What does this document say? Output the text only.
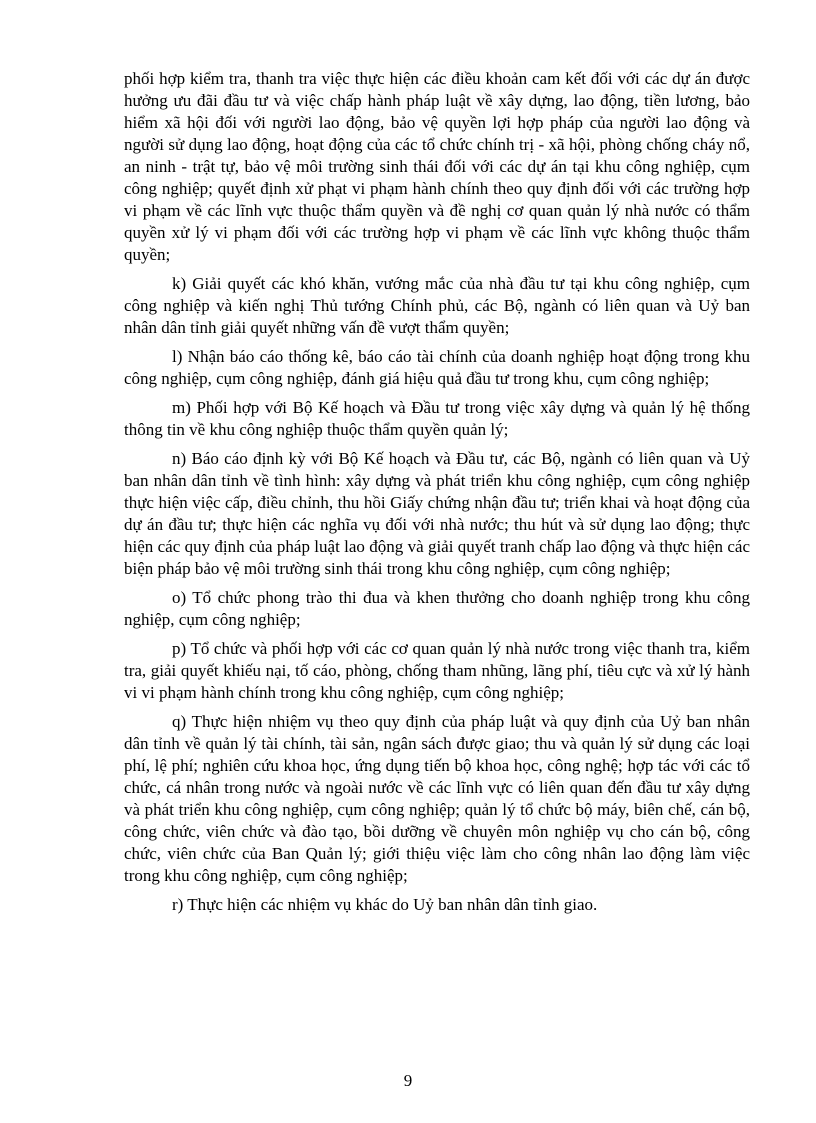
phối hợp kiểm tra, thanh tra việc thực hiện các điều khoản cam kết đối với các dự án được hưởng ưu đãi đầu tư và việc chấp hành pháp luật về xây dựng, lao động, tiền lương, bảo hiểm xã hội đối với người lao động, bảo vệ quyền lợi hợp pháp của người lao động và người sử dụng lao động, hoạt động của các tổ chức chính trị - xã hội, phòng chống cháy nổ, an ninh - trật tự, bảo vệ môi trường sinh thái đối với các dự án tại khu công nghiệp, cụm công nghiệp; quyết định xử phạt vi phạm hành chính theo quy định đối với các trường hợp vi phạm về các lĩnh vực thuộc thẩm quyền và đề nghị cơ quan quản lý nhà nước có thẩm quyền xử lý vi phạm đối với các trường hợp vi phạm về các lĩnh vực không thuộc thẩm quyền;

k) Giải quyết các khó khăn, vướng mắc của nhà đầu tư tại khu công nghiệp, cụm công nghiệp và kiến nghị Thủ tướng Chính phủ, các Bộ, ngành có liên quan và Uỷ ban nhân dân tỉnh giải quyết những vấn đề vượt thẩm quyền;

l) Nhận báo cáo thống kê, báo cáo tài chính của doanh nghiệp hoạt động trong khu công nghiệp, cụm công nghiệp, đánh giá hiệu quả đầu tư trong khu, cụm công nghiệp;

m) Phối hợp với Bộ Kế hoạch và Đầu tư trong việc xây dựng và quản lý hệ thống thông tin về khu công nghiệp thuộc thẩm quyền quản lý;

n) Báo cáo định kỳ với Bộ Kế hoạch và Đầu tư, các Bộ, ngành có liên quan và Uỷ ban nhân dân tỉnh về tình hình: xây dựng và phát triển khu công nghiệp, cụm công nghiệp thực hiện việc cấp, điều chỉnh, thu hồi Giấy chứng nhận đầu tư; triển khai và hoạt động của dự án đầu tư; thực hiện các nghĩa vụ đối với nhà nước; thu hút và sử dụng lao động; thực hiện các quy định của pháp luật lao động và giải quyết tranh chấp lao động và thực hiện các biện pháp bảo vệ môi trường sinh thái trong khu công nghiệp, cụm công nghiệp;

o) Tổ chức phong trào thi đua và khen thưởng cho doanh nghiệp trong khu công nghiệp, cụm công nghiệp;

p) Tổ chức và phối hợp với các cơ quan quản lý nhà nước trong việc thanh tra, kiểm tra, giải quyết khiếu nại, tố cáo, phòng, chống tham nhũng, lãng phí, tiêu cực và xử lý hành vi vi phạm hành chính trong khu công nghiệp, cụm công nghiệp;

q) Thực hiện nhiệm vụ theo quy định của pháp luật và quy định của Uỷ ban nhân dân tỉnh về quản lý tài chính, tài sản, ngân sách được giao; thu và quản lý sử dụng các loại phí, lệ phí; nghiên cứu khoa học, ứng dụng tiến bộ khoa học, công nghệ; hợp tác với các tổ chức, cá nhân trong nước và ngoài nước về các lĩnh vực có liên quan đến đầu tư xây dựng và phát triển khu công nghiệp, cụm công nghiệp; quản lý tổ chức bộ máy, biên chế, cán bộ, công chức, viên chức và đào tạo, bồi dưỡng về chuyên môn nghiệp vụ cho cán bộ, công chức, viên chức của Ban Quản lý; giới thiệu việc làm cho công nhân lao động làm việc trong khu công nghiệp, cụm công nghiệp;

r) Thực hiện các nhiệm vụ khác do Uỷ ban nhân dân tỉnh giao.

9
